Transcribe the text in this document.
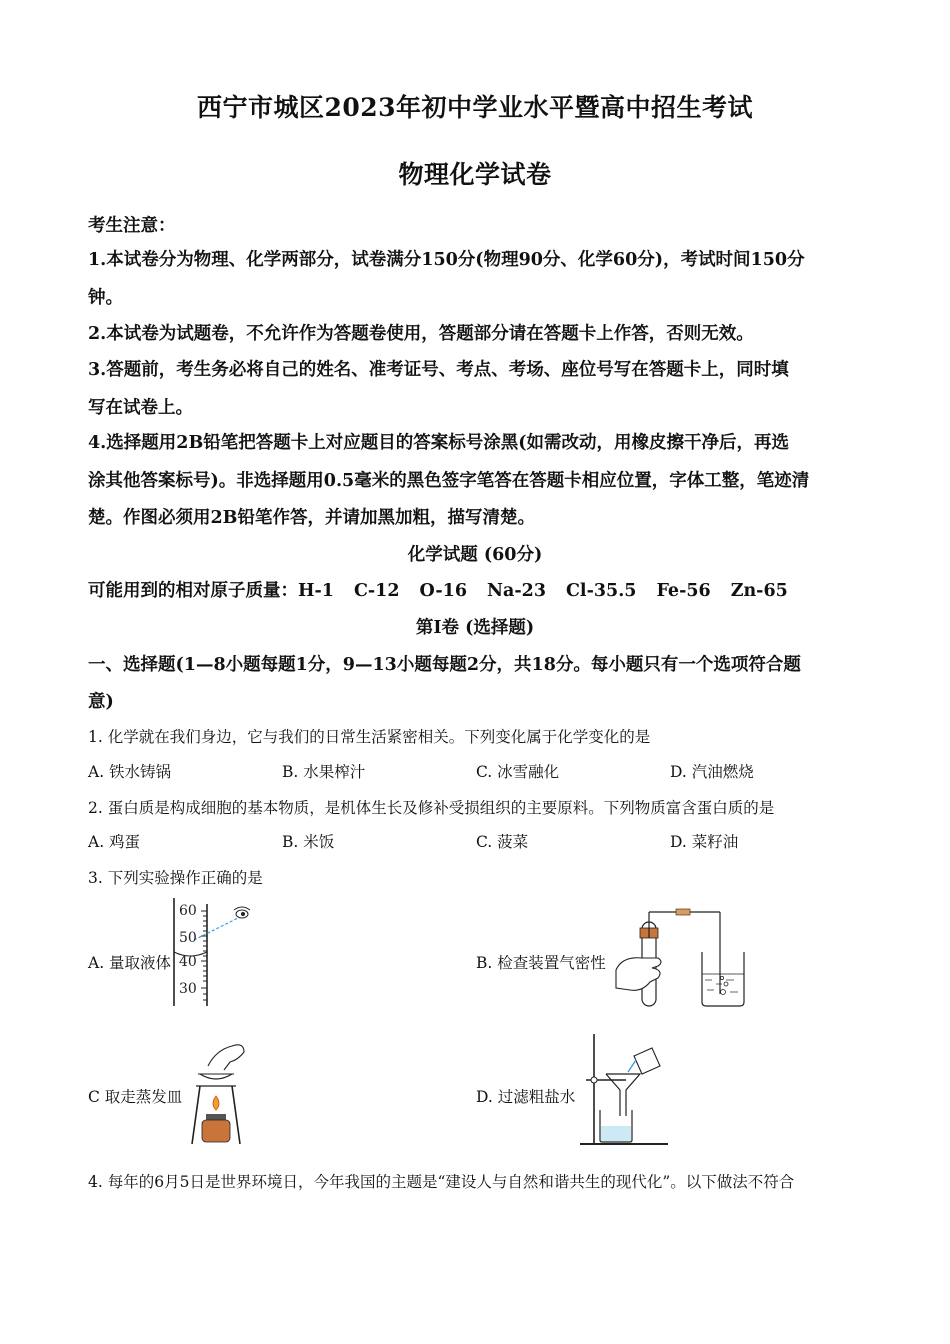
西宁市城区2023年初中学业水平暨高中招生考试
物理化学试卷
考生注意：
1.本试卷分为物理、化学两部分，试卷满分150分(物理90分、化学60分)，考试时间150分
钟。
2.本试卷为试题卷，不允许作为答题卷使用，答题部分请在答题卡上作答，否则无效。
3.答题前，考生务必将自己的姓名、准考证号、考点、考场、座位号写在答题卡上，同时填
写在试卷上。
4.选择题用2B铅笔把答题卡上对应题目的答案标号涂黑(如需改动，用橡皮擦干净后，再选
涂其他答案标号)。非选择题用0.5毫米的黑色签字笔答在答题卡相应位置，字体工整，笔迹清
楚。作图必须用2B铅笔作答，并请加黑加粗，描写清楚。
化学试题 (60分)
可能用到的相对原子质量：H-1 C-12 O-16 Na-23 Cl-35.5 Fe-56 Zn-65
第Ⅰ卷 (选择题)
一、选择题(1—8小题每题1分，9—13小题每题2分，共18分。每小题只有一个选项符合题
意)
1. 化学就在我们身边，它与我们的日常生活紧密相关。下列变化属于化学变化的是
A. 铁水铸锅	B. 水果榨汁	C. 冰雪融化	D. 汽油燃烧
2. 蛋白质是构成细胞的基本物质，是机体生长及修补受损组织的主要原料。下列物质富含蛋白质的是
A. 鸡蛋	B. 米饭	C. 菠菜	D. 菜籽油
3. 下列实验操作正确的是
A. 量取液体
60
50
40
30
B. 检查装置气密性
C 取走蒸发皿	D. 过滤粗盐水
4. 每年的6月5日是世界环境日，今年我国的主题是“建设人与自然和谐共生的现代化”。以下做法不符合
